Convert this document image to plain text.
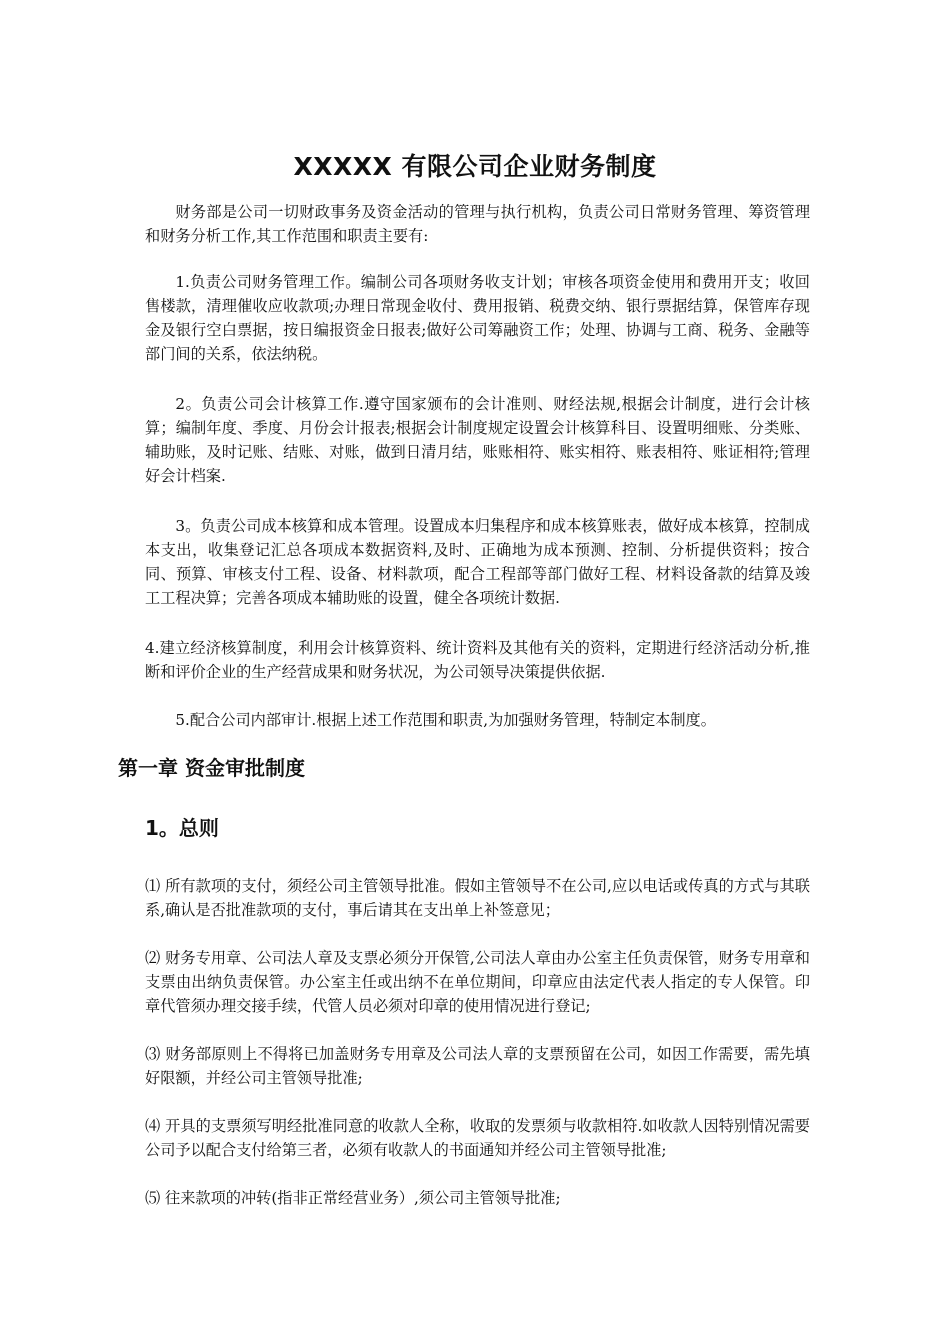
XXXXX 有限公司企业财务制度

财务部是公司一切财政事务及资金活动的管理与执行机构，负责公司日常财务管理、筹资管理和财务分析工作,其工作范围和职责主要有:

1.负责公司财务管理工作。编制公司各项财务收支计划；审核各项资金使用和费用开支；收回售楼款，清理催收应收款项;办理日常现金收付、费用报销、税费交纳、银行票据结算，保管库存现金及银行空白票据，按日编报资金日报表;做好公司筹融资工作；处理、协调与工商、税务、金融等部门间的关系，依法纳税。

2。负责公司会计核算工作.遵守国家颁布的会计准则、财经法规,根据会计制度，进行会计核算；编制年度、季度、月份会计报表;根据会计制度规定设置会计核算科目、设置明细账、分类账、辅助账，及时记账、结账、对账，做到日清月结，账账相符、账实相符、账表相符、账证相符;管理好会计档案.

3。负责公司成本核算和成本管理。设置成本归集程序和成本核算账表，做好成本核算，控制成本支出，收集登记汇总各项成本数据资料,及时、正确地为成本预测、控制、分析提供资料；按合同、预算、审核支付工程、设备、材料款项，配合工程部等部门做好工程、材料设备款的结算及竣工工程决算；完善各项成本辅助账的设置，健全各项统计数据.

4.建立经济核算制度，利用会计核算资料、统计资料及其他有关的资料，定期进行经济活动分析,推断和评价企业的生产经营成果和财务状况，为公司领导决策提供依据.

5.配合公司内部审计.根据上述工作范围和职责,为加强财务管理，特制定本制度。

第一章 资金审批制度
1。总则

⑴ 所有款项的支付，须经公司主管领导批准。假如主管领导不在公司,应以电话或传真的方式与其联系,确认是否批准款项的支付，事后请其在支出单上补签意见；

⑵ 财务专用章、公司法人章及支票必须分开保管,公司法人章由办公室主任负责保管，财务专用章和支票由出纳负责保管。办公室主任或出纳不在单位期间，印章应由法定代表人指定的专人保管。印章代管须办理交接手续，代管人员必须对印章的使用情况进行登记;

⑶ 财务部原则上不得将已加盖财务专用章及公司法人章的支票预留在公司，如因工作需要，需先填好限额，并经公司主管领导批准;

⑷ 开具的支票须写明经批准同意的收款人全称，收取的发票须与收款相符.如收款人因特别情况需要公司予以配合支付给第三者，必须有收款人的书面通知并经公司主管领导批准;

⑸ 往来款项的冲转(指非正常经营业务）,须公司主管领导批准;
